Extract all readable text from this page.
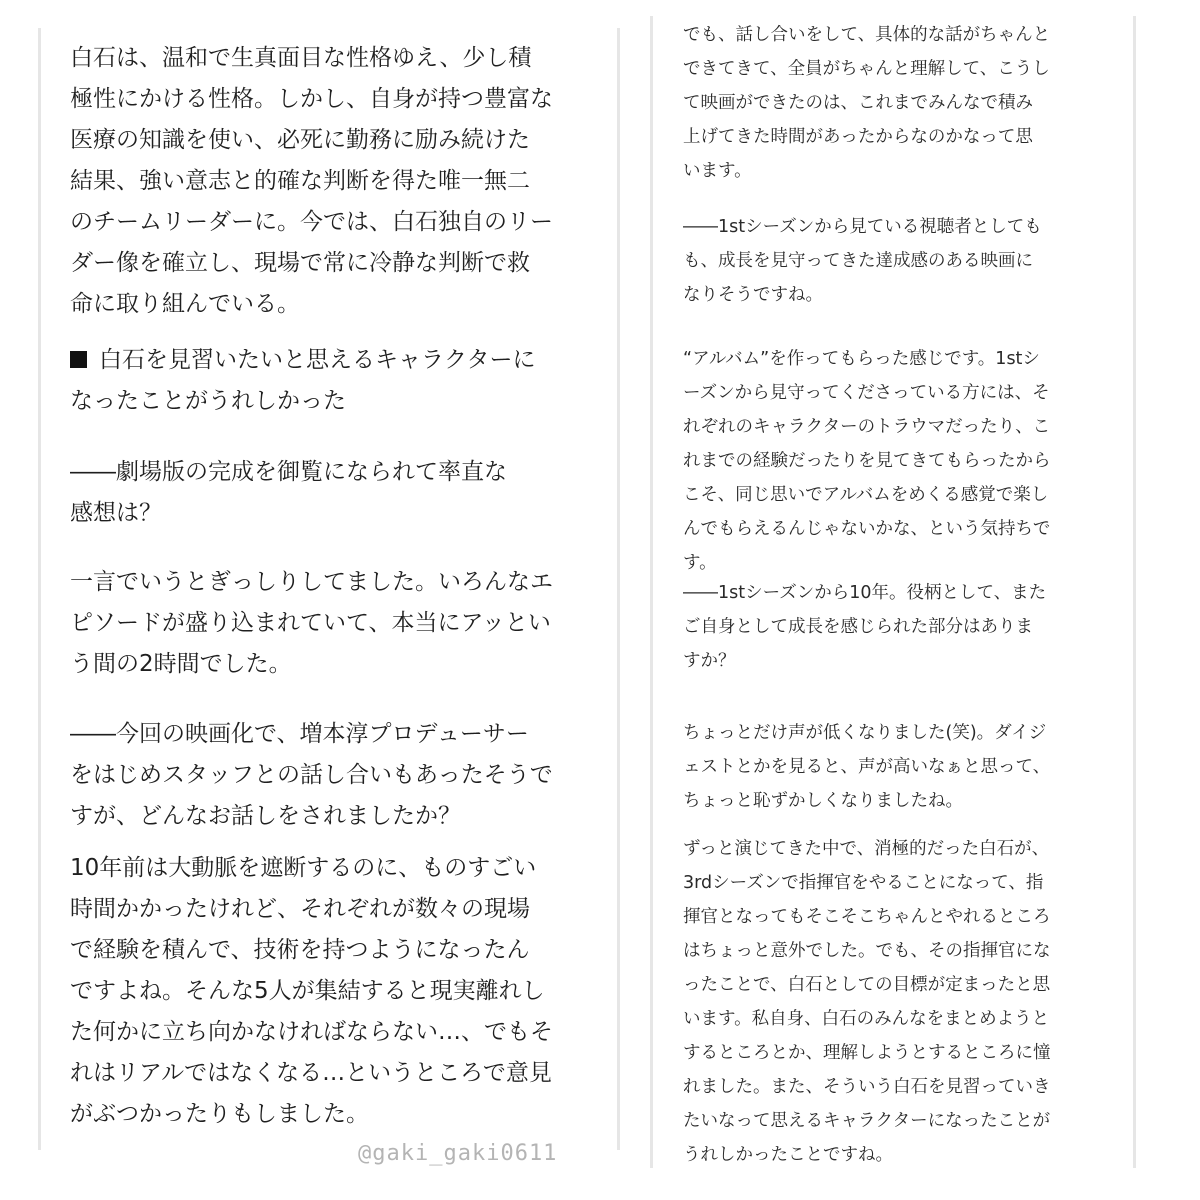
白石は、温和で生真面目な性格ゆえ、少し積
極性にかける性格。しかし、自身が持つ豊富な
医療の知識を使い、必死に勤務に励み続けた
結果、強い意志と的確な判断を得た唯一無二
のチームリーダーに。今では、白石独自のリー
ダー像を確立し、現場で常に冷静な判断で救
命に取り組んでいる。
白石を見習いたいと思えるキャラクターに
なったことがうれしかった
――劇場版の完成を御覧になられて率直な
感想は？
一言でいうとぎっしりしてました。いろんなエ
ピソードが盛り込まれていて、本当にアッとい
う間の2時間でした。
――今回の映画化で、増本淳プロデューサー
をはじめスタッフとの話し合いもあったそうで
すが、どんなお話しをされましたか？
10年前は大動脈を遮断するのに、ものすごい
時間かかったけれど、それぞれが数々の現場
で経験を積んで、技術を持つようになったん
ですよね。そんな5人が集結すると現実離れし
た何かに立ち向かなければならない…、でもそ
れはリアルではなくなる…というところで意見
がぶつかったりもしました。
でも、話し合いをして、具体的な話がちゃんと
できてきて、全員がちゃんと理解して、こうし
て映画ができたのは、これまでみんなで積み
上げてきた時間があったからなのかなって思
います。
――1stシーズンから見ている視聴者としても
も、成長を見守ってきた達成感のある映画に
なりそうですね。
“アルバム”を作ってもらった感じです。1stシ
ーズンから見守ってくださっている方には、そ
れぞれのキャラクターのトラウマだったり、こ
れまでの経験だったりを見てきてもらったから
こそ、同じ思いでアルバムをめくる感覚で楽し
んでもらえるんじゃないかな、という気持ちで
す。
――1stシーズンから10年。役柄として、また
ご自身として成長を感じられた部分はありま
すか？
ちょっとだけ声が低くなりました(笑)。ダイジ
ェストとかを見ると、声が高いなぁと思って、
ちょっと恥ずかしくなりましたね。
ずっと演じてきた中で、消極的だった白石が、
3rdシーズンで指揮官をやることになって、指
揮官となってもそこそこちゃんとやれるところ
はちょっと意外でした。でも、その指揮官にな
ったことで、白石としての目標が定まったと思
います。私自身、白石のみんなをまとめようと
するところとか、理解しようとするところに憧
れました。また、そういう白石を見習っていき
たいなって思えるキャラクターになったことが
うれしかったことですね。
@gaki_gaki0611
